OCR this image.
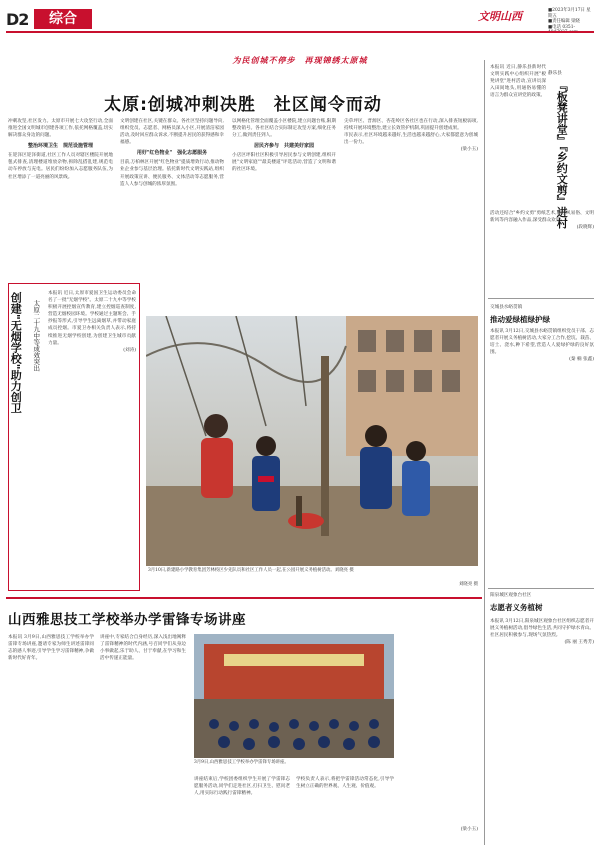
D2	综合	文明山西	■2023年3月17日 星期五
■责任编辑 梁晓
■电话 0351-
为民创城不停步　再现锦绣太原城
太原:创城冲刺决胜　社区闻令而动

冲刺攻坚,社区发力。太原市开展七大攻坚行动,全面推进全国文明城市创建各项工作,依托网格覆盖,切实解决群众身边的问题。

整治环境卫生　规范设施管理

在迎泽区迎泽街道,社区工作人员对辖区楼院开展地毯式排查,清理楼道堆放杂物,拆除乱搭乱建,规范电动车停放与充电。居民们纷纷加入志愿服务队伍,为社区增添了一道亮丽的风景线。

文明创建在社区,关键在群众。各社区坚持问题导向,组织党员、志愿者、网格员深入小区,开展清洁家园活动,及时回应群众诉求,不断提升居民的获得感和幸福感。

用好"红色物业"　强化志愿服务

目前,万柏林区开展"红色物业"提质增效行动,推动物业企业参与基层治理。依托新时代文明实践站,组织开展政策宣讲、便民服务、文体活动等志愿服务,营造人人参与创城的浓厚氛围。

以网格化管理全面覆盖小区楼院,建立问题台账,限期整改销号。各社区结合实际制定攻坚方案,细化任务分工,做到责任到人。

居民齐参与　共建美好家园

小店区坪阳社区积极引导居民参与文明创建,组织开展"文明家庭""最美楼道"评选活动,营造了文明和谐的社区环境。

尖草坪区、晋源区、杏花岭区各社区也在行动,深入排查短板弱项,持续开展环境整治,建立长效管护机制,巩固提升创建成果。

市民表示,社区环境越来越好,生活也越来越舒心,大家都愿意为创城出一份力。

(梁小玉)

创建"无烟学校"助力创卫 太原二十九中等成效突出

本报讯 近日,太原市爱国卫生运动委员会命名了一批"无烟学校"。太原二十九中等学校积极开展控烟宣传教育,建立控烟巡查制度,营造无烟校园环境。学校通过主题班会、手抄报等形式,引导学生远离烟草,并带动家庭成员控烟。市爱卫办相关负责人表示,将持续推进无烟学校创建,为创建卫生城市贡献力量。

(刘涛)

3月10日,新建路小学教育集团芳林校区少先队员和社区工作人员一起,在公园开展义务植树活动。刘晓亮 摄
刘晓亮 摄
山西雅思技工学校举办学雷锋专场讲座

本报讯 3月9日,山西雅思技工学校举办学雷锋专场讲座,邀请专家为师生讲述雷锋同志的感人事迹,引导学生学习雷锋精神,争做新时代好青年。

讲座中,专家结合自身经历,深入浅出地阐释了雷锋精神的时代内涵,号召同学们从身边小事做起,乐于助人、甘于奉献,在学习和生活中传递正能量。

3月9日,山西雅思技工学校举办学雷锋专场讲座。

讲座结束后,学校团委组织学生开展了学雷锋志愿服务活动,同学们走进社区,打扫卫生、慰问老人,用实际行动践行雷锋精神。

学校负责人表示,将把学雷锋活动常态化,引导学生树立正确的世界观、人生观、价值观。

(梁小玉)
静乐县
『板凳讲堂』『乡约文剪』进村

本报讯 近日,静乐县新时代文明实践中心组织开展"板凳讲堂"进村活动,宣讲员深入田间地头,用通俗易懂的语言为群众宣讲党的政策。

活动还结合"乡约文剪"剪纸艺术,将移风易俗、文明新风等内容融入作品,深受群众欢迎。

(段晓辉)

交城县水峪贯镇
推动爱绿植绿护绿

本报讯 3月12日,交城县水峪贯镇组织党员干部、志愿者开展义务植树活动,大家分工合作,挖坑、栽苗、培土、浇水,种下希望,营造人人爱绿护绿的良好氛围。

(秦 楠 张鑫)

阳泉城区观象台社区
志愿者义务植树

本报讯 3月12日,阳泉城区观象台社区组织志愿者开展义务植树活动,倡导绿色生活,共同守护绿水青山。社区居民积极参与,现场气氛热烈。

(陈 丽 王秀芳)
